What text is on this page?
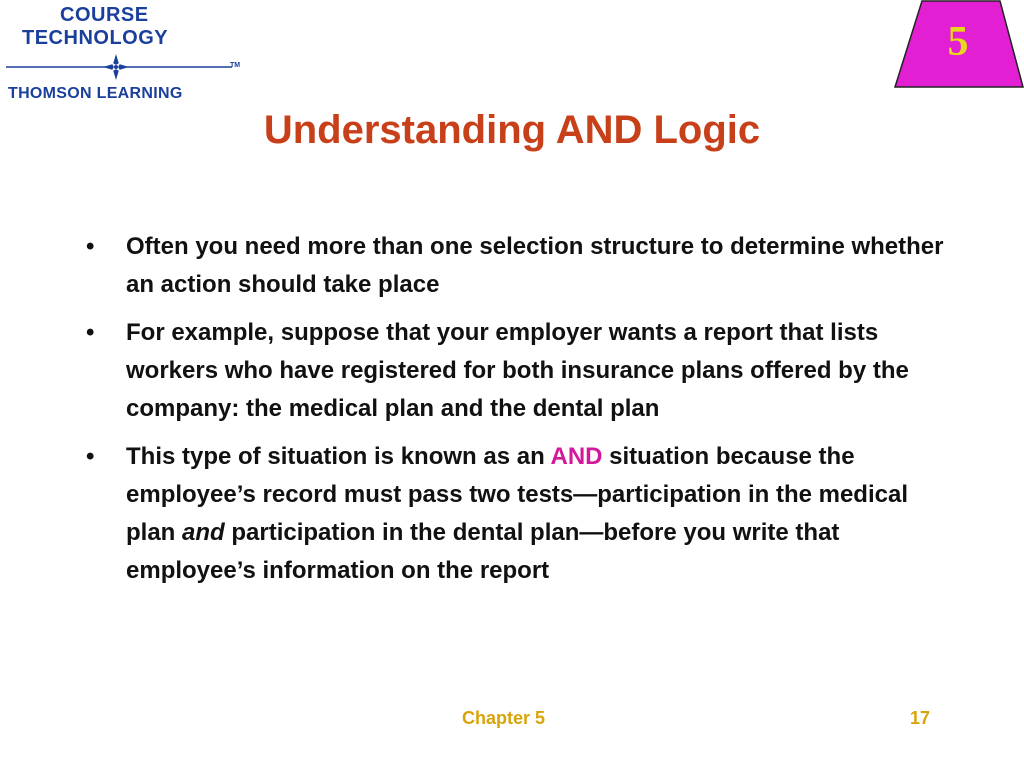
COURSE
TECHNOLOGY
TM
THOMSON LEARNING
5
Understanding AND Logic
• Often you need more than one selection structure to determine whether an action should take place
• For example, suppose that your employer wants a report that lists workers who have registered for both insurance plans offered by the company: the medical plan and the dental plan
• This type of situation is known as an AND situation because the employee’s record must pass two tests—participation in the medical plan and participation in the dental plan—before you write that employee’s information on the report
Chapter 5	17
